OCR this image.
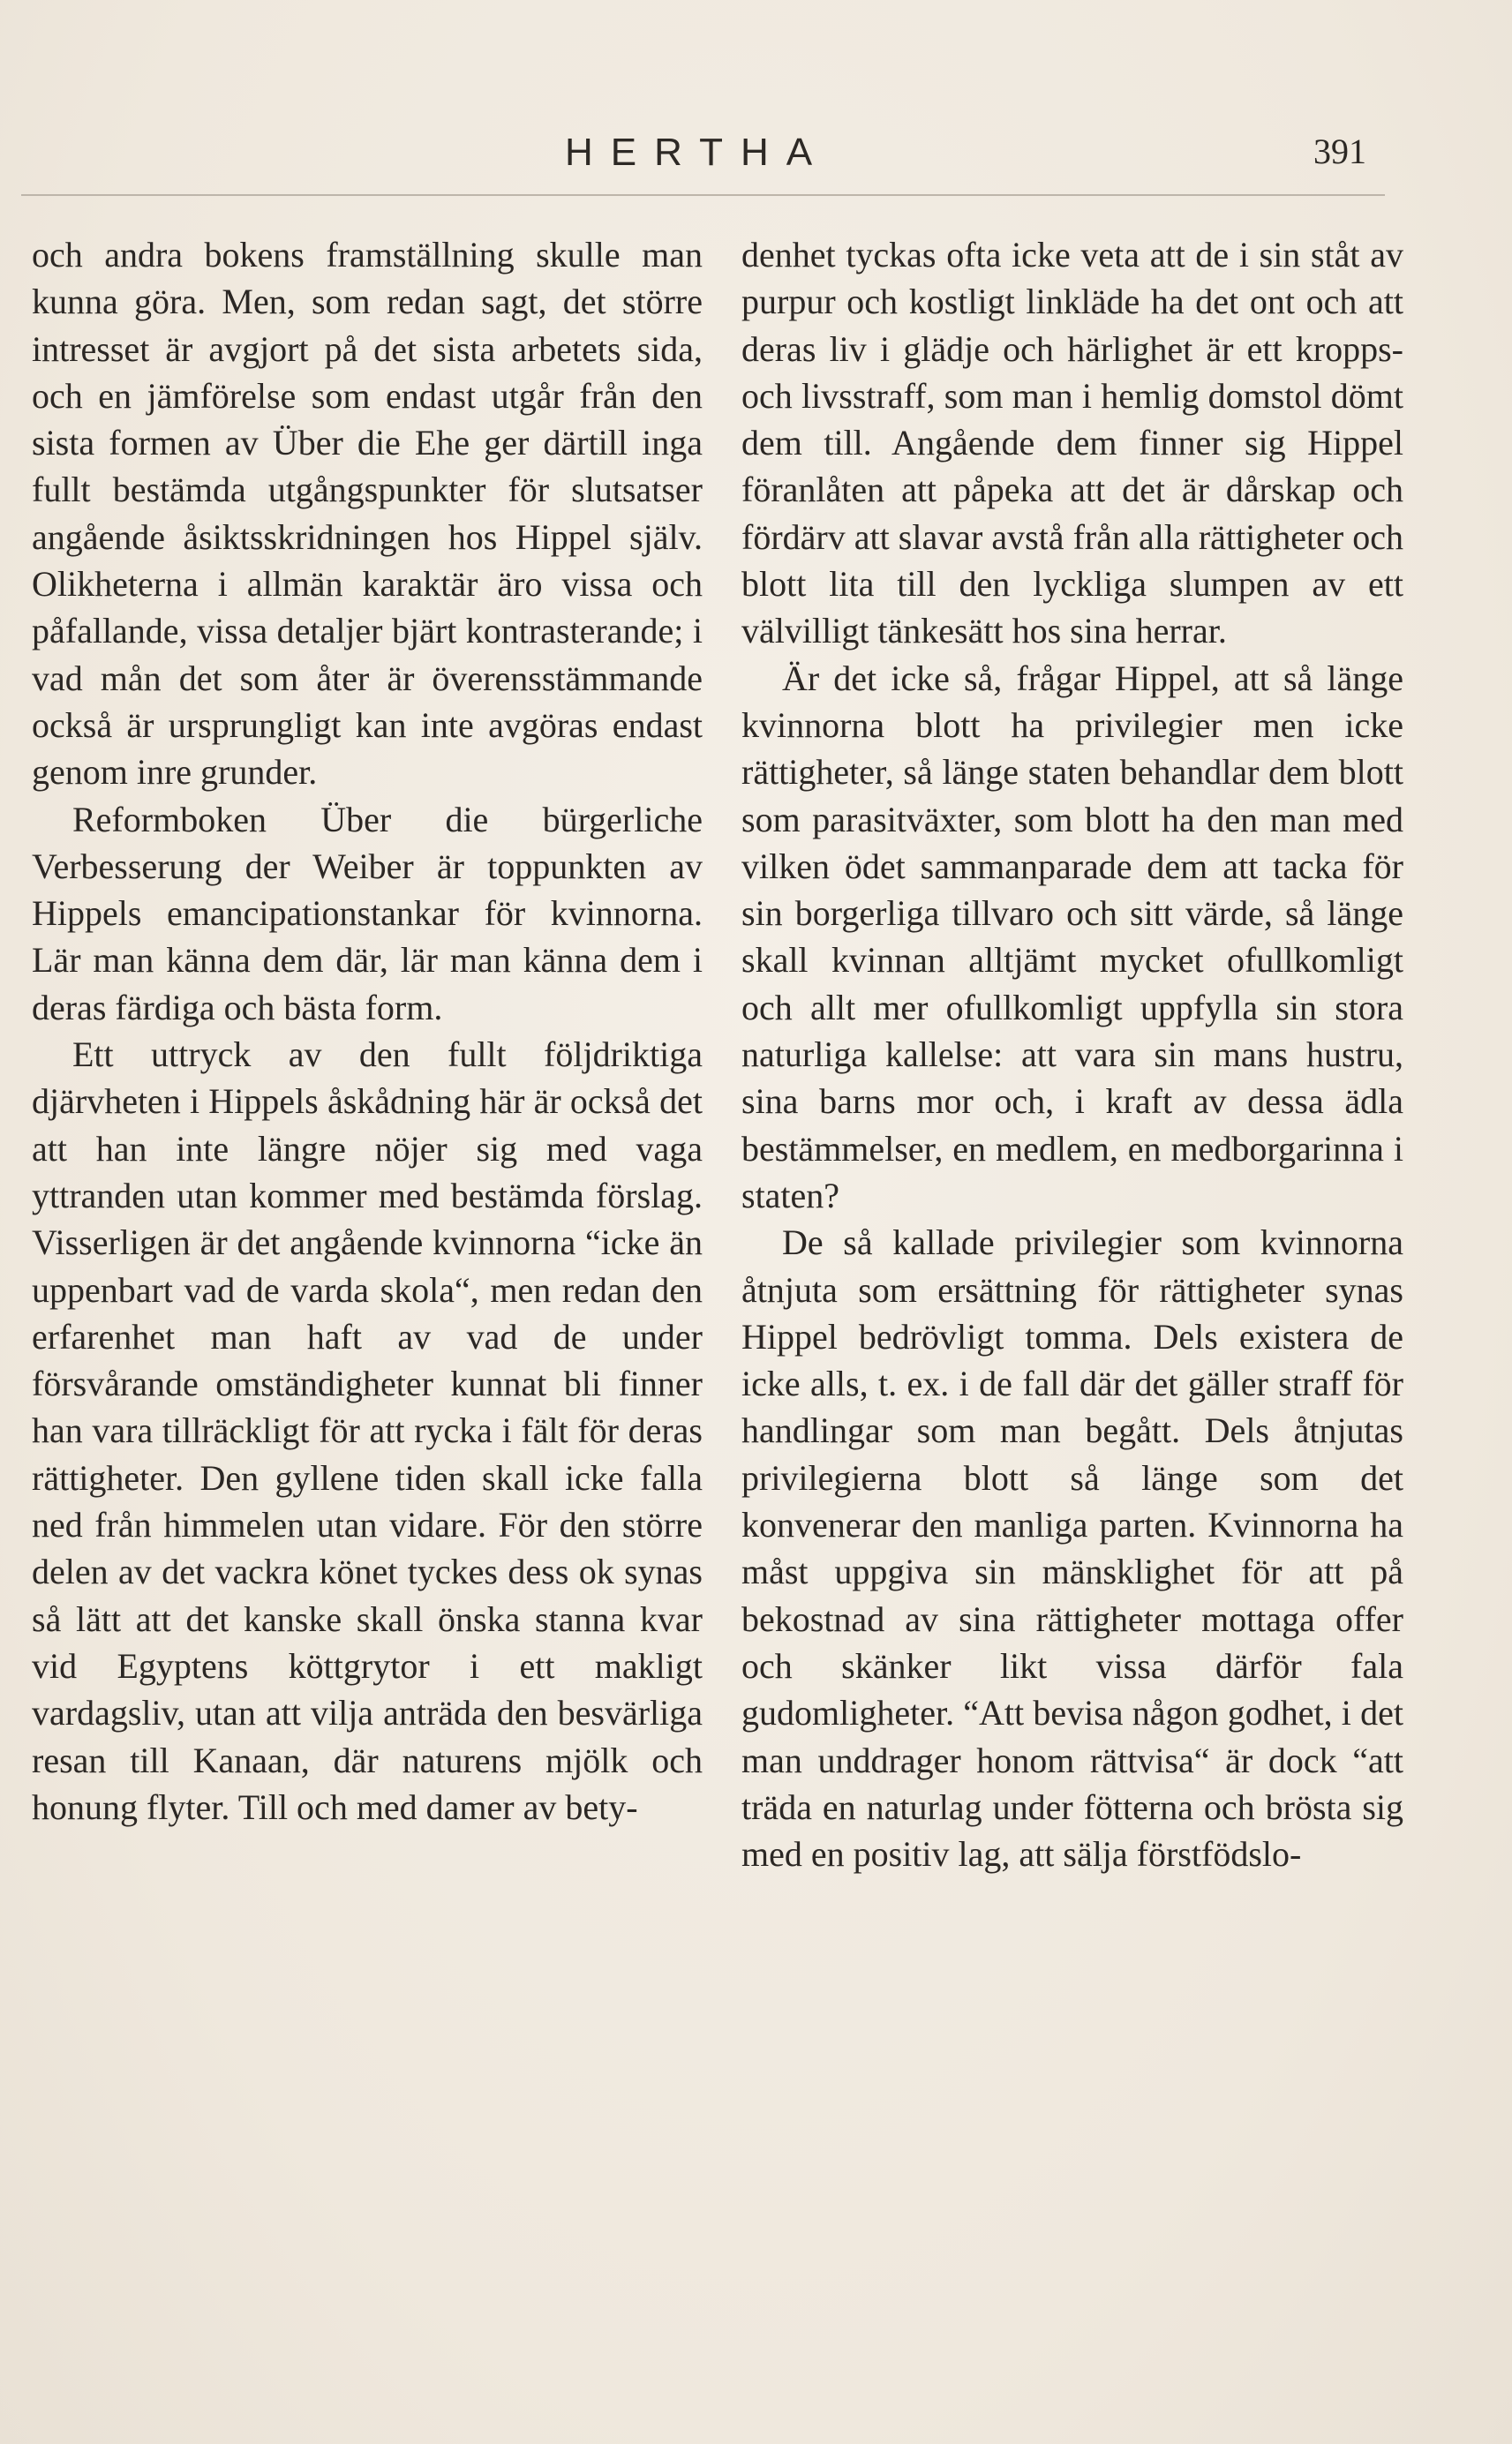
HERTHA	391

och andra bokens framställning skulle man kunna göra. Men, som redan sagt, det större intresset är avgjort på det sista arbetets sida, och en jämförelse som endast utgår från den sista formen av Über die Ehe ger därtill inga fullt bestämda utgångspunkter för slutsatser angående åsiktsskridningen hos Hippel själv. Olikheterna i allmän karaktär äro vissa och påfallande, vissa detaljer bjärt kontrasterande; i vad mån det som åter är överensstämmande också är ursprungligt kan inte avgöras endast genom inre grunder.

Reformboken Über die bürgerliche Verbesserung der Weiber är toppunkten av Hippels emancipationstankar för kvinnorna. Lär man känna dem där, lär man känna dem i deras färdiga och bästa form.

Ett uttryck av den fullt följdriktiga djärvheten i Hippels åskådning här är också det att han inte längre nöjer sig med vaga yttranden utan kommer med bestämda förslag. Visserligen är det angående kvinnorna “icke än uppenbart vad de varda skola“, men redan den erfarenhet man haft av vad de under försvårande omständigheter kunnat bli finner han vara tillräckligt för att rycka i fält för deras rättigheter. Den gyllene tiden skall icke falla ned från himmelen utan vidare. För den större delen av det vackra könet tyckes dess ok synas så lätt att det kanske skall önska stanna kvar vid Egyptens köttgrytor i ett makligt vardagsliv, utan att vilja anträda den besvärliga resan till Kanaan, där naturens mjölk och honung flyter. Till och med damer av bety-

denhet tyckas ofta icke veta att de i sin ståt av purpur och kostligt linkläde ha det ont och att deras liv i glädje och härlighet är ett kropps- och livsstraff, som man i hemlig domstol dömt dem till. Angående dem finner sig Hippel föranlåten att påpeka att det är dårskap och fördärv att slavar avstå från alla rättigheter och blott lita till den lyckliga slumpen av ett välvilligt tänkesätt hos sina herrar.

Är det icke så, frågar Hippel, att så länge kvinnorna blott ha privilegier men icke rättigheter, så länge staten behandlar dem blott som parasitväxter, som blott ha den man med vilken ödet sammanparade dem att tacka för sin borgerliga tillvaro och sitt värde, så länge skall kvinnan alltjämt mycket ofullkomligt och allt mer ofullkomligt uppfylla sin stora naturliga kallelse: att vara sin mans hustru, sina barns mor och, i kraft av dessa ädla bestämmelser, en medlem, en medborgarinna i staten?

De så kallade privilegier som kvinnorna åtnjuta som ersättning för rättigheter synas Hippel bedrövligt tomma. Dels existera de icke alls, t. ex. i de fall där det gäller straff för handlingar som man begått. Dels åtnjutas privilegierna blott så länge som det konvenerar den manliga parten. Kvinnorna ha måst uppgiva sin mänsklighet för att på bekostnad av sina rättigheter mottaga offer och skänker likt vissa därför fala gudomligheter. “Att bevisa någon godhet, i det man unddrager honom rättvisa“ är dock “att träda en naturlag under fötterna och brösta sig med en positiv lag, att sälja förstfödslo-
